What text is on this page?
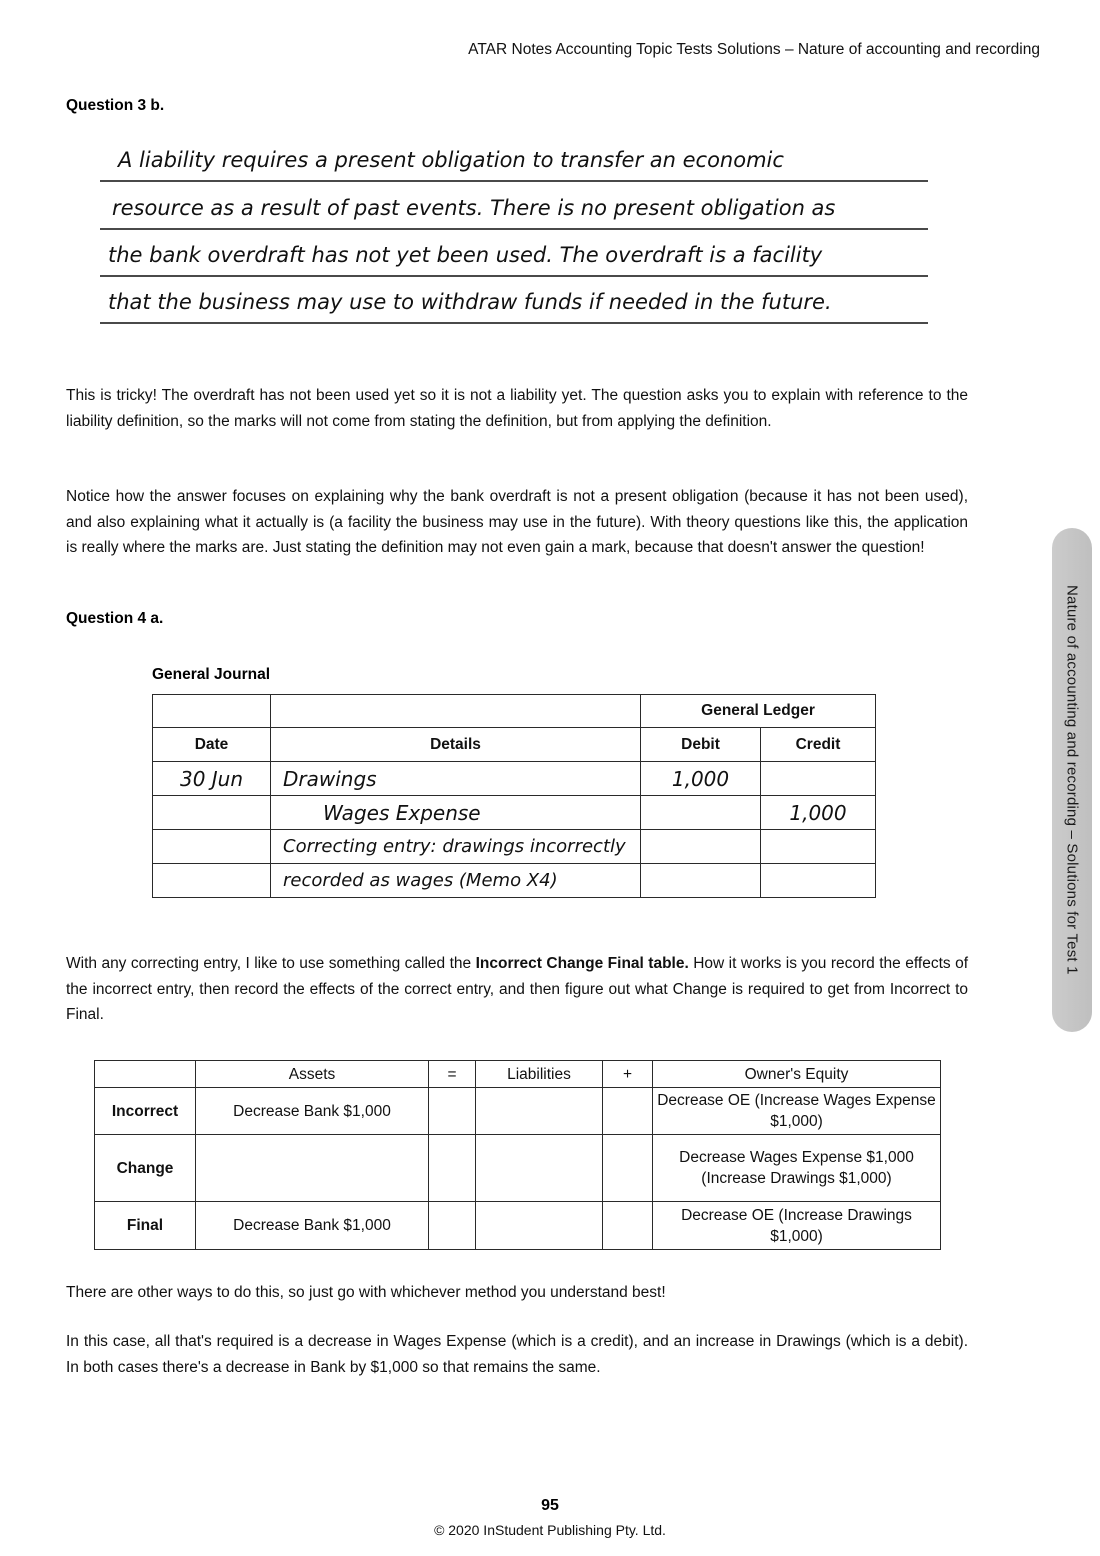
ATAR Notes Accounting Topic Tests Solutions – Nature of accounting and recording
Question 3 b.
A liability requires a present obligation to transfer an economic
resource as a result of past events. There is no present obligation as
the bank overdraft has not yet been used. The overdraft is a facility
that the business may use to withdraw funds if needed in the future.
This is tricky! The overdraft has not been used yet so it is not a liability yet. The question asks you to explain with reference to the liability definition, so the marks will not come from stating the definition, but from applying the definition.
Notice how the answer focuses on explaining why the bank overdraft is not a present obligation (because it has not been used), and also explaining what it actually is (a facility the business may use in the future). With theory questions like this, the application is really where the marks are. Just stating the definition may not even gain a mark, because that doesn't answer the question!
Question 4 a.
General Journal
		General Ledger	
Date	Details	Debit	Credit
30 Jun	Drawings	1,000	
	Wages Expense		1,000
	Correcting entry: drawings incorrectly		
	recorded as wages (Memo X4)		
With any correcting entry, I like to use something called the Incorrect Change Final table. How it works is you record the effects of the incorrect entry, then record the effects of the correct entry, and then figure out what Change is required to get from Incorrect to Final.
	Assets	=	Liabilities	+	Owner's Equity
Incorrect	Decrease Bank $1,000				Decrease OE (Increase Wages Expense $1,000)
Change					Decrease Wages Expense $1,000 (Increase Drawings $1,000)
Final	Decrease Bank $1,000				Decrease OE (Increase Drawings $1,000)
There are other ways to do this, so just go with whichever method you understand best!
In this case, all that's required is a decrease in Wages Expense (which is a credit), and an increase in Drawings (which is a debit). In both cases there's a decrease in Bank by $1,000 so that remains the same.
95
© 2020 InStudent Publishing Pty. Ltd.
Nature of accounting and recording – Solutions for Test 1
